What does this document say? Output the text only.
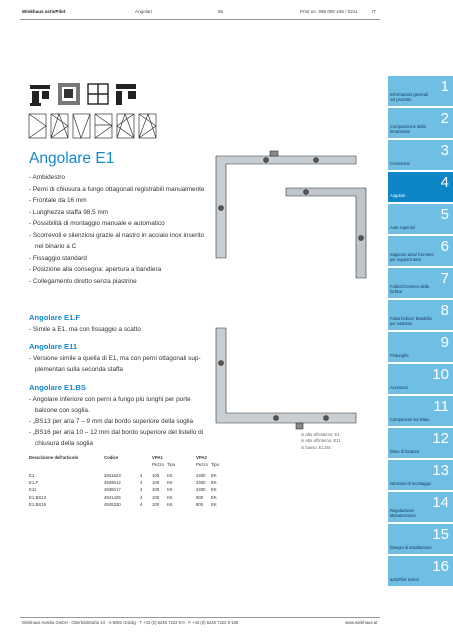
Winkhaus activPilot	Angolari	65	Print no. 996 000 245 / 0211	IT
Angolare E1
- Ambidestro
- Perni di chiusura a fungo ottagonali registrabili manualmente
- Frontale da 16 mm
- Lunghezza staffa 98,5 mm
- Possibilità di montaggio manuale e automatico
- Scorrevoli e silenziosi grazie al nastro in acciaio inox inserito
nel binario a C
- Fissaggio standard
- Posizione alla consegna: apertura a bandiera
- Collegamento diretto senza piastrine
Angolare E1.F
- Simile a E1, ma con fissaggio a scatto
Angolare E11
- Versione simile a quella di E1, ma con perni ottagonali sup-
plementari sulla seconda staffa
Angolare E1.BS
- Angolare inferiore con perni a fungo più lunghi per porte
balcone con soglia.
- „BS13 per aria 7 – 9 mm dal bordo superiore della soglia
- „BS16 per aria 10 – 12 mm dal bordo superiore del listello di
chiusura della soglia
in alto all'esterno: E1
in alto all'interno: E11
in basso: E1.BS
Descrizione dell'articolo	Codice		VPA1		VPA2	
			Pezzo	Tipo	Pezzo	Tipo

E1	2841823	4	100	KK	2400	EK
E1.F	4929612	4	100	KK	2400	EK
E11	4936017	4	100	KK	2400	EK
E1.BS13	4941425	4	100	KK	800	EK
E1.BS16	4926330	4	100	KK	800	EK
Informazioni generali sul prodotto
1
Composizione della ferramenta
2
Cremonesi
3
Angolari
4
Ante superiori
5
Supporto anta/ Cerniere per supporti anta
6
Forbici/Cerniere della forbice
7
Falsa forbice/ Bandella per vasistas
8
Prolunghe
9
Accessori
10
Componenti sul telaio
11
Dime di foratura
12
Istruzioni di montaggio
13
Regolazione/ Manutenzione
14
Disegni di installazione
15
activPilot Select
16
Winkhaus Austria GmbH · Oberfeldstraße 24 · A-5082 Grödig · T +43 (0) 6246 7222 6-0 · F +43 (0) 6246 7222 6-165	www.winkhaus.at
